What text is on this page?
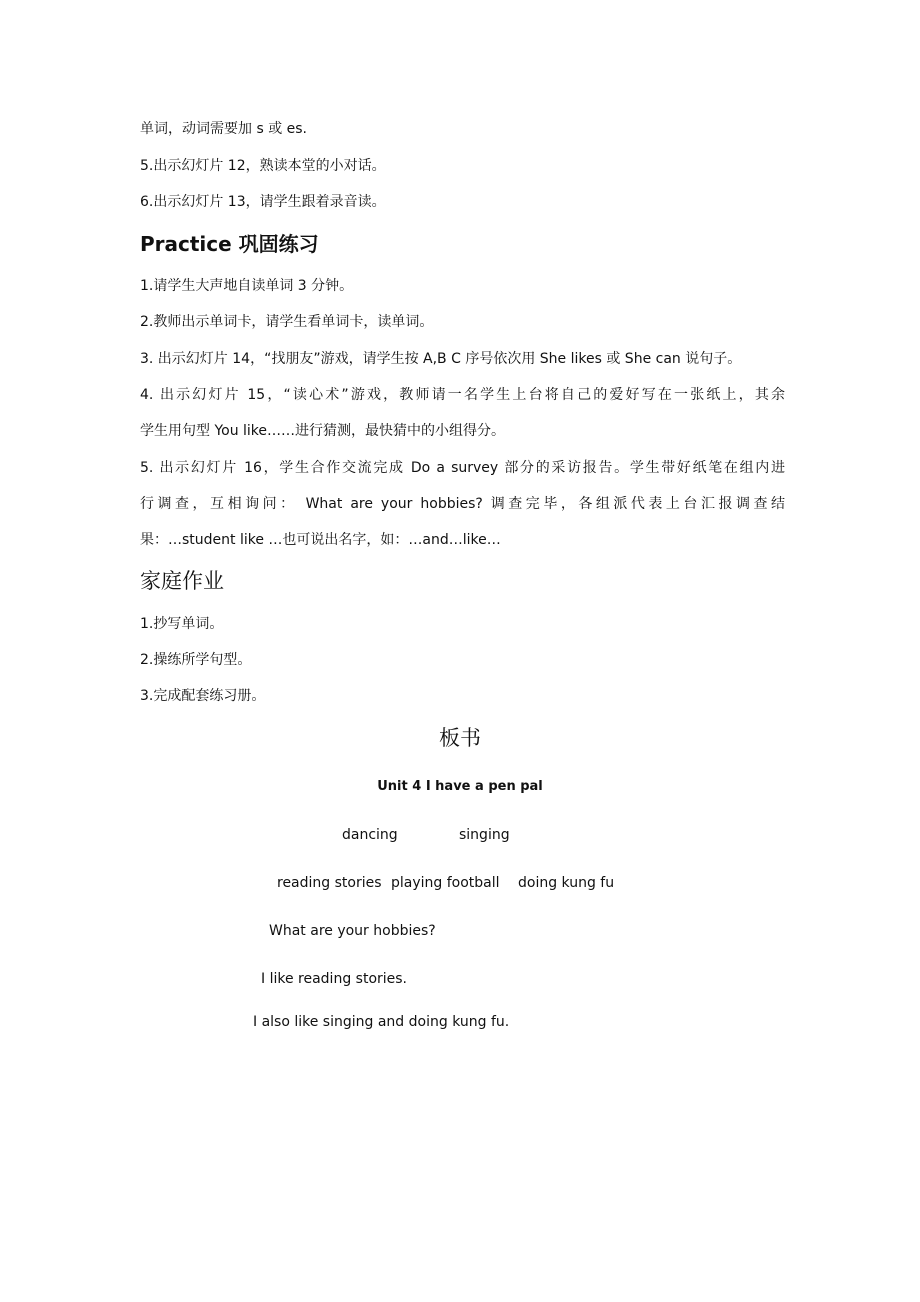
单词，动词需要加 s 或 es.
5.出示幻灯片 12，熟读本堂的小对话。
6.出示幻灯片 13，请学生跟着录音读。
Practice 巩固练习
1.请学生大声地自读单词 3 分钟。
2.教师出示单词卡，请学生看单词卡，读单词。
3. 出示幻灯片 14，“找朋友”游戏，请学生按 A,B C 序号依次用 She likes 或 She can 说句子。
4. 出示幻灯片 15，“读心术”游戏，教师请一名学生上台将自己的爱好写在一张纸上，其余
学生用句型 You like……进行猜测，最快猜中的小组得分。
5. 出示幻灯片 16，学生合作交流完成 Do a survey 部分的采访报告。学生带好纸笔在组内进
行调查，互相询问： What are your hobbies? 调查完毕，各组派代表上台汇报调查结
果：…student like …也可说出名字，如：…and…like…
家庭作业
1.抄写单词。
2.操练所学句型。
3.完成配套练习册。
板书
Unit 4 I have a pen pal
dancing	singing
reading stories playing football doing kung fu
What are your hobbies?
I like reading stories.
I also like singing and doing kung fu.
